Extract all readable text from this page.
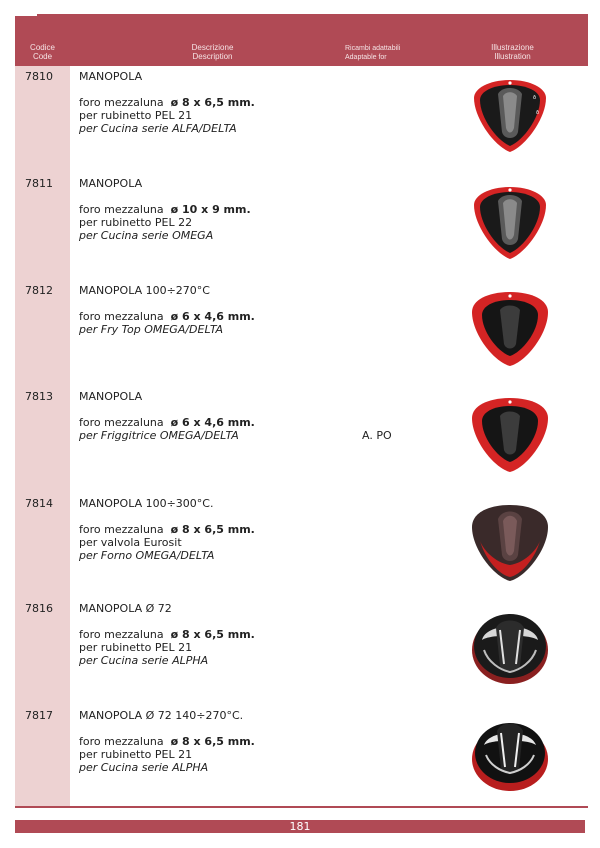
Codice
Code
Descrizione
Description
Ricambi adattabili
Adaptable for
Illustrazione
Illustration
7810 MANOPOLA
foro mezzaluna ø 8 x 6,5 mm.
per rubinetto PEL 21
per Cucina serie ALFA/DELTA
ð
ð
7811 MANOPOLA
foro mezzaluna ø 10 x 9 mm.
per rubinetto PEL 22
per Cucina serie OMEGA
7812 MANOPOLA 100÷270°C
foro mezzaluna ø 6 x 4,6 mm.
per Fry Top OMEGA/DELTA
7813 MANOPOLA
foro mezzaluna ø 6 x 4,6 mm.
per Friggitrice OMEGA/DELTA	A. PO
7814 MANOPOLA 100÷300°C.
foro mezzaluna ø 8 x 6,5 mm.
per valvola Eurosit
per Forno OMEGA/DELTA
7816 MANOPOLA Ø 72
foro mezzaluna ø 8 x 6,5 mm.
per rubinetto PEL 21
per Cucina serie ALPHA
7817 MANOPOLA Ø 72 140÷270°C.
foro mezzaluna ø 8 x 6,5 mm.
per rubinetto PEL 21
per Cucina serie ALPHA
181
